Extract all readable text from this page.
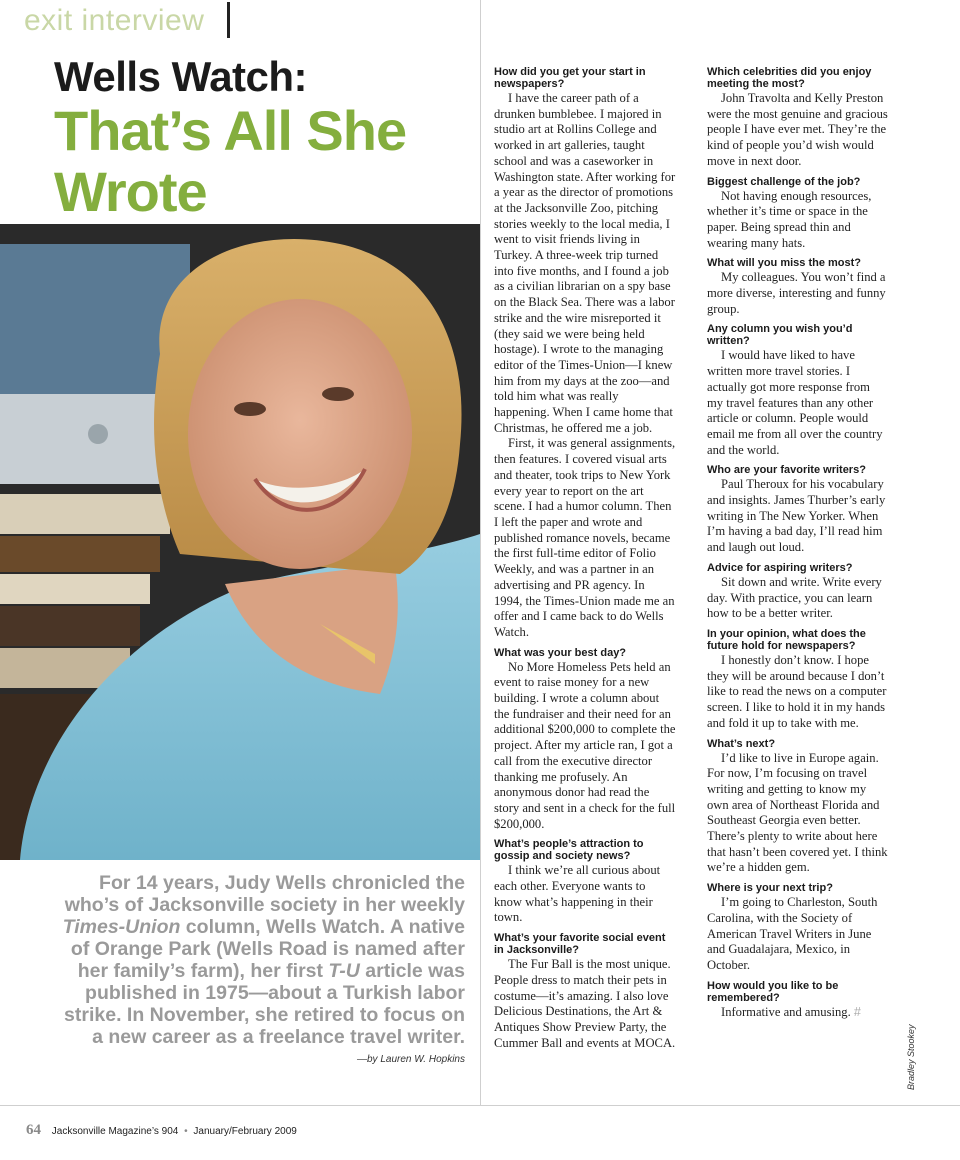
exit interview
Wells Watch:
That’s All She
Wrote
For 14 years, Judy Wells chronicled the who’s of Jacksonville society in her weekly Times-Union column, Wells Watch. A native of Orange Park (Wells Road is named after her family’s farm), her first T-U article was published in 1975—about a Turkish labor strike. In November, she retired to focus on a new career as a freelance travel writer.
—by Lauren W. Hopkins
How did you get your start in newspapers?
I have the career path of a drunken bumblebee. I majored in studio art at Rollins College and worked in art galleries, taught school and was a caseworker in Washington state. After working for a year as the director of promotions at the Jacksonville Zoo, pitching stories weekly to the local media, I went to visit friends living in Turkey. A three-week trip turned into five months, and I found a job as a civilian librarian on a spy base on the Black Sea. There was a labor strike and the wire misreported it (they said we were being held hostage). I wrote to the managing editor of the Times-Union—I knew him from my days at the zoo—and told him what was really happening. When I came home that Christmas, he offered me a job.
First, it was general assignments, then features. I covered visual arts and theater, took trips to New York every year to report on the art scene. I had a humor column. Then I left the paper and wrote and published romance novels, became the first full-time editor of Folio Weekly, and was a partner in an advertising and PR agency. In 1994, the Times-Union made me an offer and I came back to do Wells Watch.
What was your best day?
No More Homeless Pets held an event to raise money for a new building. I wrote a column about the fundraiser and their need for an additional $200,000 to complete the project. After my article ran, I got a call from the executive director thanking me profusely. An anonymous donor had read the story and sent in a check for the full $200,000.
What’s people’s attraction to gossip and society news?
I think we’re all curious about each other. Everyone wants to know what’s happening in their town.
What’s your favorite social event in Jacksonville?
The Fur Ball is the most unique. People dress to match their pets in costume—it’s amazing. I also love Delicious Destinations, the Art & Antiques Show Preview Party, the Cummer Ball and events at MOCA.
Which celebrities did you enjoy meeting the most?
John Travolta and Kelly Preston were the most genuine and gracious people I have ever met. They’re the kind of people you’d wish would move in next door.
Biggest challenge of the job?
Not having enough resources, whether it’s time or space in the paper. Being spread thin and wearing many hats.
What will you miss the most?
My colleagues. You won’t find a more diverse, interesting and funny group.
Any column you wish you’d written?
I would have liked to have written more travel stories. I actually got more response from my travel features than any other article or column. People would email me from all over the country and the world.
Who are your favorite writers?
Paul Theroux for his vocabulary and insights. James Thurber’s early writing in The New Yorker. When I’m having a bad day, I’ll read him and laugh out loud.
Advice for aspiring writers?
Sit down and write. Write every day. With practice, you can learn how to be a better writer.
In your opinion, what does the future hold for newspapers?
I honestly don’t know. I hope they will be around because I don’t like to read the news on a computer screen. I like to hold it in my hands and fold it up to take with me.
What’s next?
I’d like to live in Europe again. For now, I’m focusing on travel writing and getting to know my own area of Northeast Florida and Southeast Georgia even better. There’s plenty to write about here that hasn’t been covered yet. I think we’re a hidden gem.
Where is your next trip?
I’m going to Charleston, South Carolina, with the Society of American Travel Writers in June and Guadalajara, Mexico, in October.
How would you like to be remembered?
Informative and amusing. #
Bradley Stookey
64 Jacksonville Magazine’s 904 • January/February 2009
